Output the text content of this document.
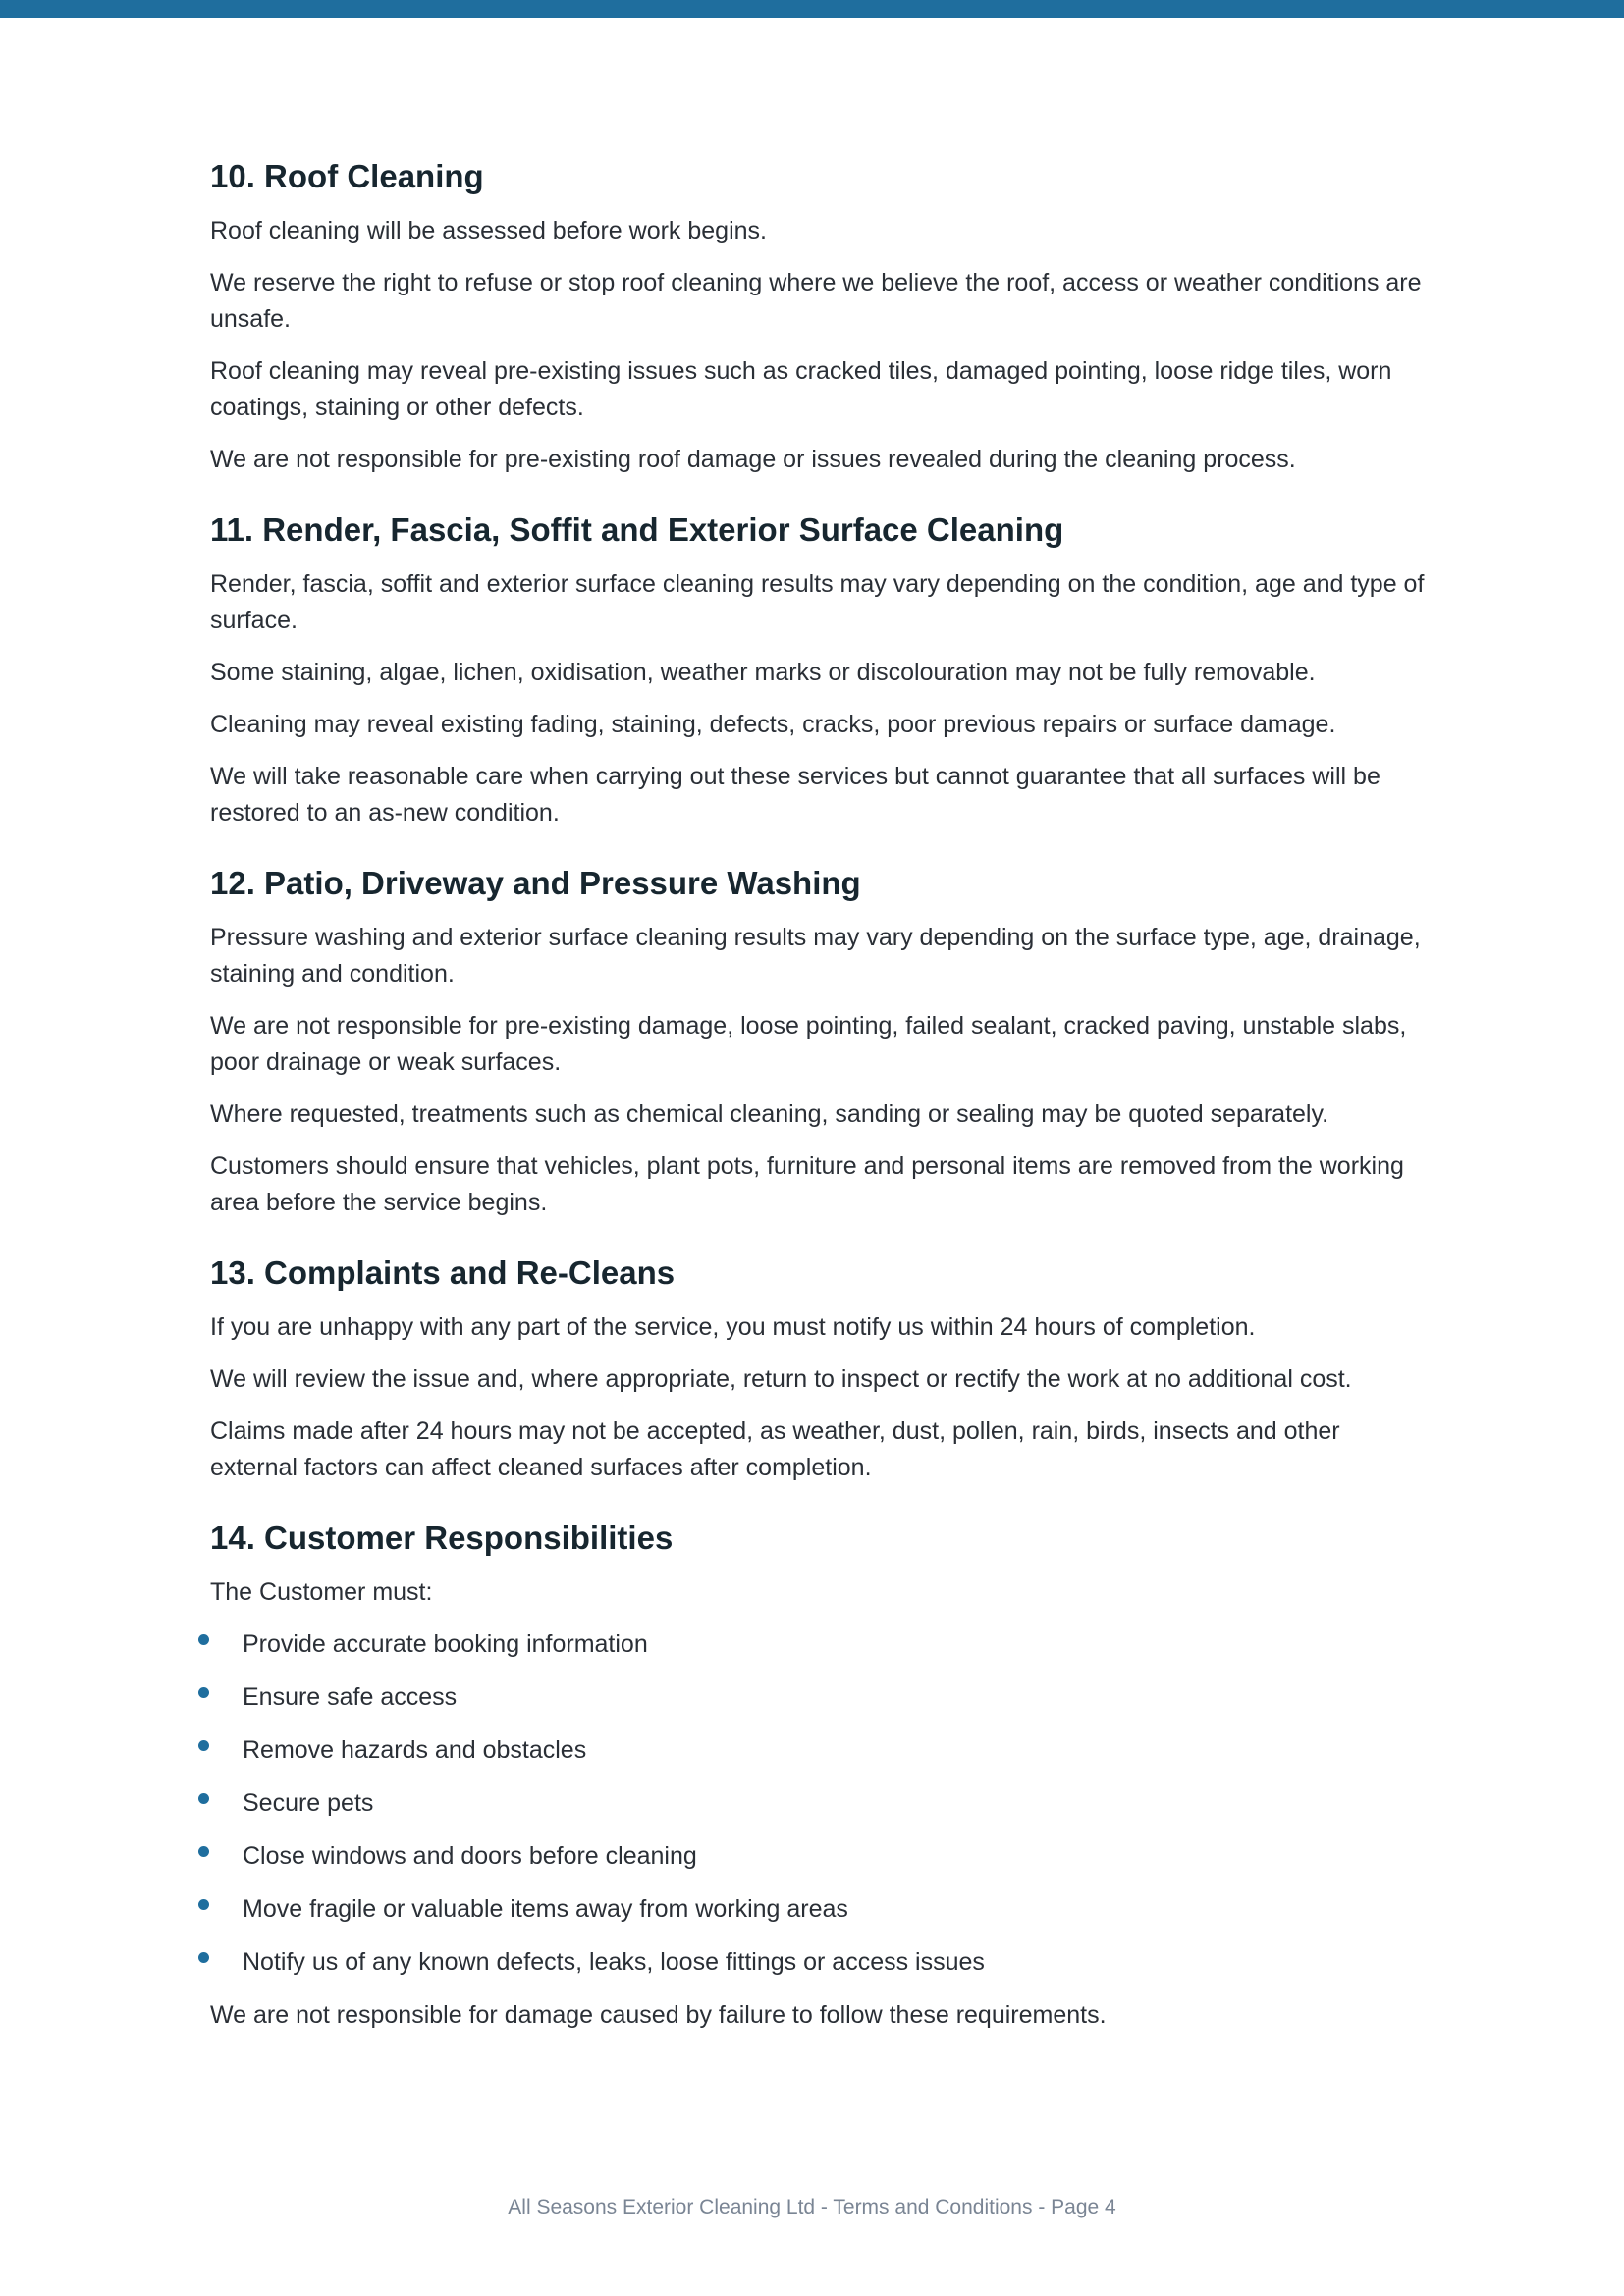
10. Roof Cleaning

Roof cleaning will be assessed before work begins.

We reserve the right to refuse or stop roof cleaning where we believe the roof, access or weather conditions are unsafe.

Roof cleaning may reveal pre-existing issues such as cracked tiles, damaged pointing, loose ridge tiles, worn coatings, staining or other defects.

We are not responsible for pre-existing roof damage or issues revealed during the cleaning process.

11. Render, Fascia, Soffit and Exterior Surface Cleaning

Render, fascia, soffit and exterior surface cleaning results may vary depending on the condition, age and type of surface.

Some staining, algae, lichen, oxidisation, weather marks or discolouration may not be fully removable.

Cleaning may reveal existing fading, staining, defects, cracks, poor previous repairs or surface damage.

We will take reasonable care when carrying out these services but cannot guarantee that all surfaces will be restored to an as-new condition.

12. Patio, Driveway and Pressure Washing

Pressure washing and exterior surface cleaning results may vary depending on the surface type, age, drainage, staining and condition.

We are not responsible for pre-existing damage, loose pointing, failed sealant, cracked paving, unstable slabs, poor drainage or weak surfaces.

Where requested, treatments such as chemical cleaning, sanding or sealing may be quoted separately.

Customers should ensure that vehicles, plant pots, furniture and personal items are removed from the working area before the service begins.

13. Complaints and Re-Cleans

If you are unhappy with any part of the service, you must notify us within 24 hours of completion.

We will review the issue and, where appropriate, return to inspect or rectify the work at no additional cost.

Claims made after 24 hours may not be accepted, as weather, dust, pollen, rain, birds, insects and other external factors can affect cleaned surfaces after completion.

14. Customer Responsibilities

The Customer must:

Provide accurate booking information
Ensure safe access
Remove hazards and obstacles
Secure pets
Close windows and doors before cleaning
Move fragile or valuable items away from working areas
Notify us of any known defects, leaks, loose fittings or access issues

We are not responsible for damage caused by failure to follow these requirements.

All Seasons Exterior Cleaning Ltd - Terms and Conditions - Page 4
